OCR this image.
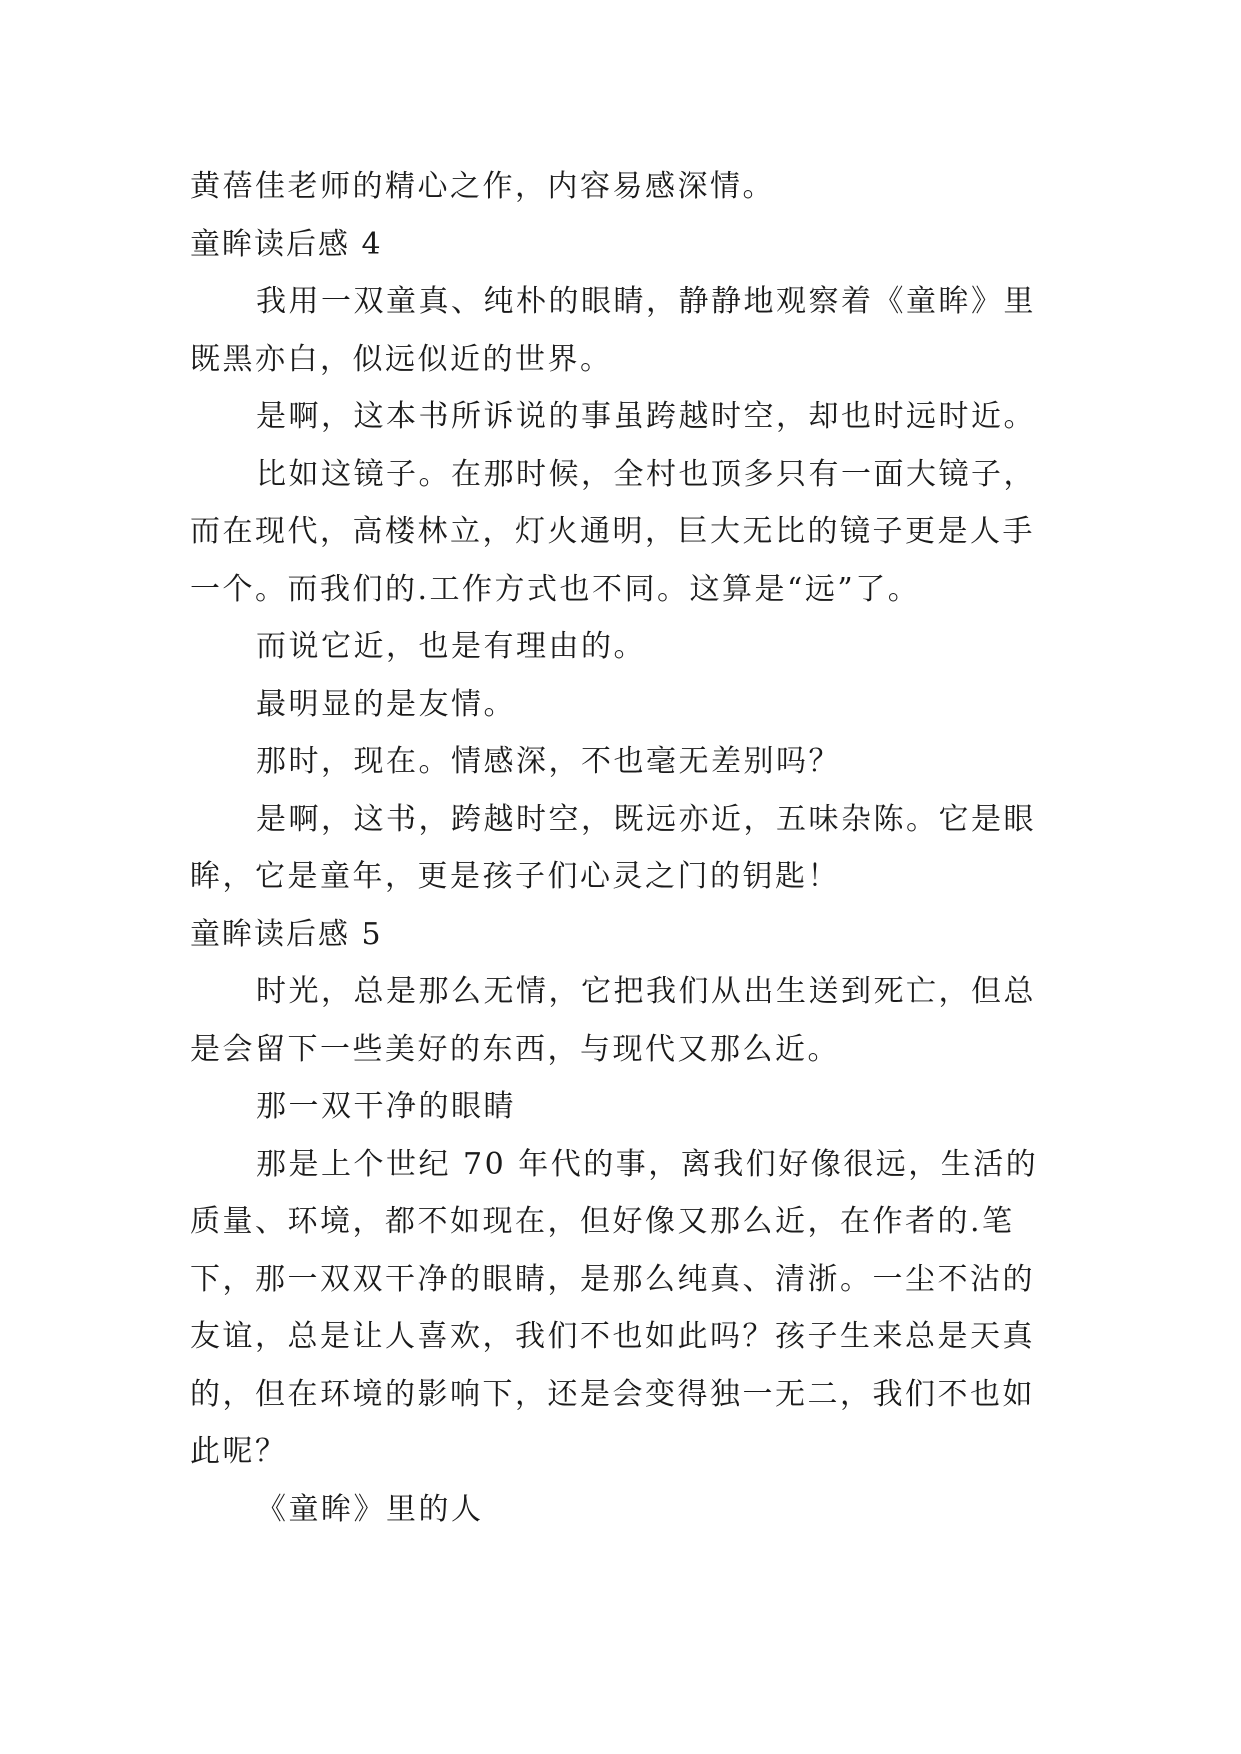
黄蓓佳老师的精心之作，内容易感深情。
童眸读后感 4
我用一双童真、纯朴的眼睛，静静地观察着《童眸》里
既黑亦白，似远似近的世界。
是啊，这本书所诉说的事虽跨越时空，却也时远时近。
比如这镜子。在那时候，全村也顶多只有一面大镜子，
而在现代，高楼林立，灯火通明，巨大无比的镜子更是人手
一个。而我们的.工作方式也不同。这算是“远”了。
而说它近，也是有理由的。
最明显的是友情。
那时，现在。情感深，不也毫无差别吗？
是啊，这书，跨越时空，既远亦近，五味杂陈。它是眼
眸，它是童年，更是孩子们心灵之门的钥匙！
童眸读后感 5
时光，总是那么无情，它把我们从出生送到死亡，但总
是会留下一些美好的东西，与现代又那么近。
那一双干净的眼睛
那是上个世纪 70 年代的事，离我们好像很远，生活的
质量、环境，都不如现在，但好像又那么近，在作者的.笔
下，那一双双干净的眼睛，是那么纯真、清浙。一尘不沾的
友谊，总是让人喜欢，我们不也如此吗？孩子生来总是天真
的，但在环境的影响下，还是会变得独一无二，我们不也如
此呢？
《童眸》里的人
